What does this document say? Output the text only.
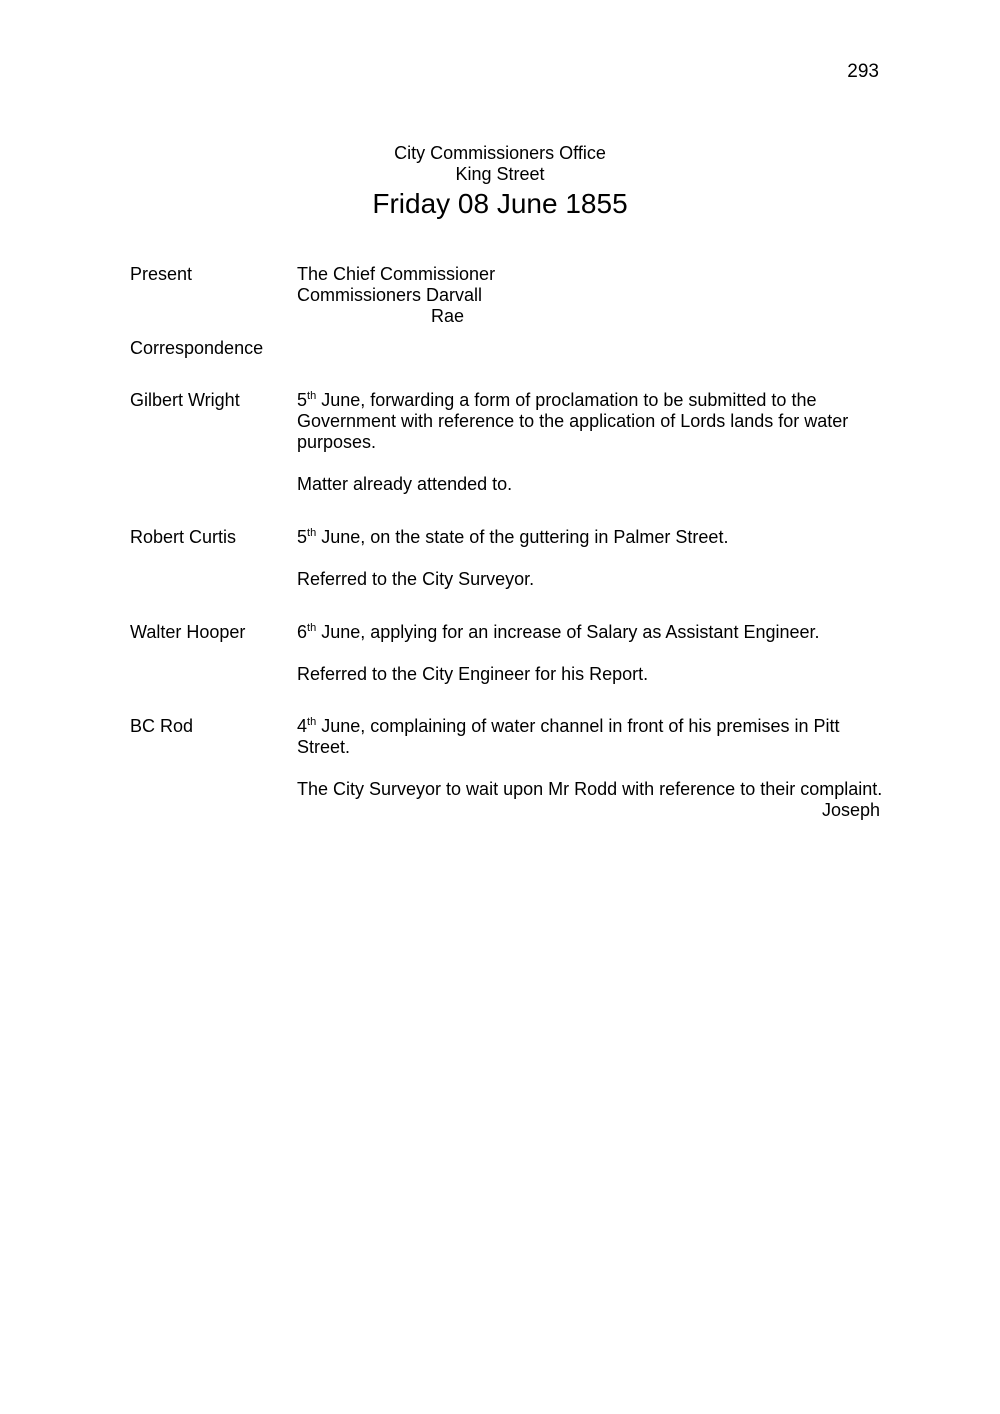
293
City Commissioners Office
King Street
Friday 08 June 1855
Present	The Chief Commissioner
Commissioners Darvall
Rae
Correspondence
Gilbert Wright	5th June, forwarding a form of proclamation to be submitted to the Government with reference to the application of Lords lands for water purposes.

Matter already attended to.

Robert Curtis	5th June, on the state of the guttering in Palmer Street.

Referred to the City Surveyor.

Walter Hooper	6th June, applying for an increase of Salary as Assistant Engineer.

Referred to the City Engineer for his Report.

BC Rod	4th June, complaining of water channel in front of his premises in Pitt Street.

The City Surveyor to wait upon Mr Rodd with reference to their complaint.

Joseph
